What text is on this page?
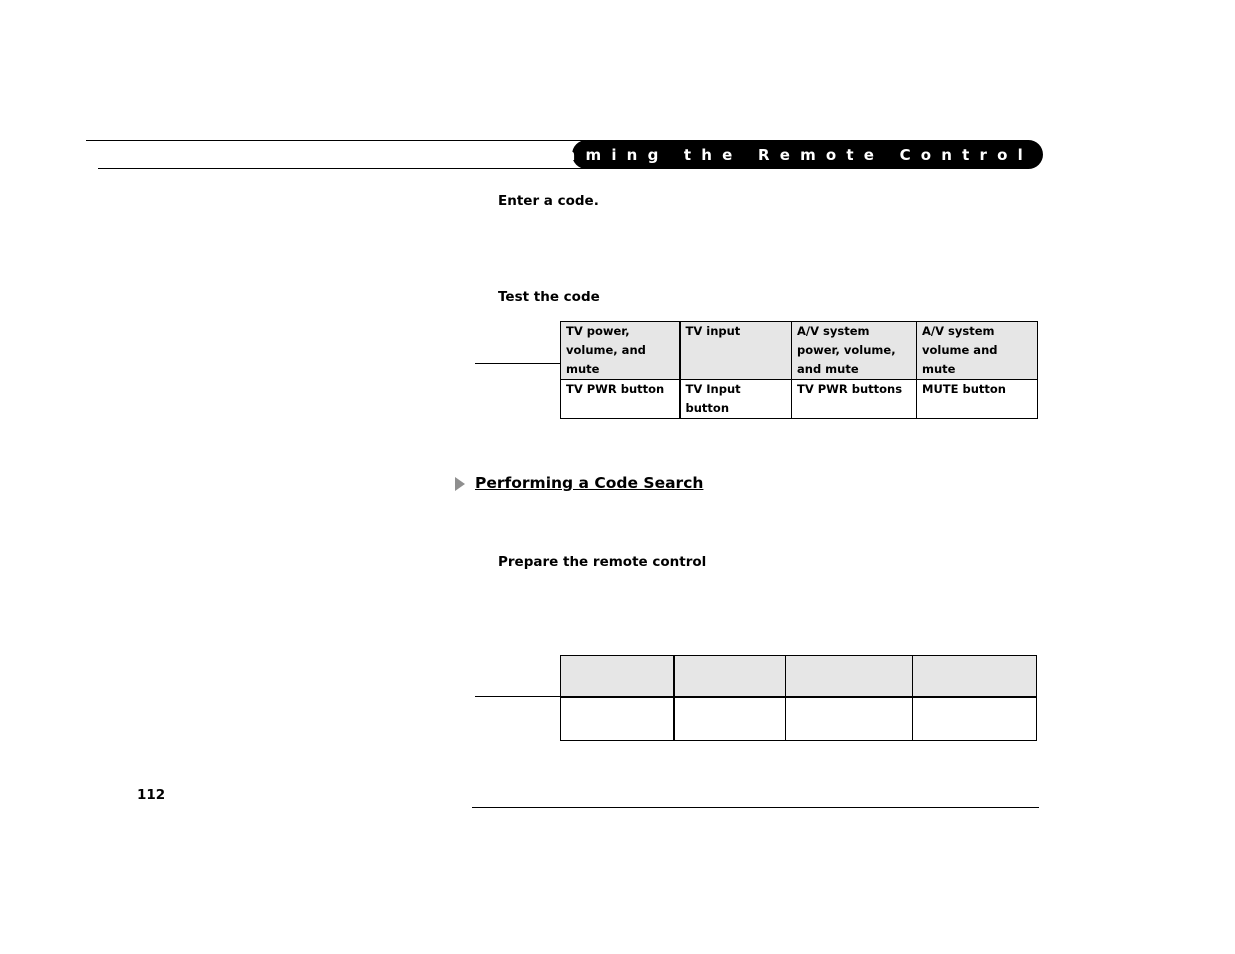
Programming the Remote Control
Enter a code.
Test the code
TV power, volume, and mute	TV input	A/V system power, volume, and mute	A/V system volume and mute
TV PWR button	TV Input button	TV PWR buttons	MUTE button
Performing a Code Search
Prepare the remote control

112
